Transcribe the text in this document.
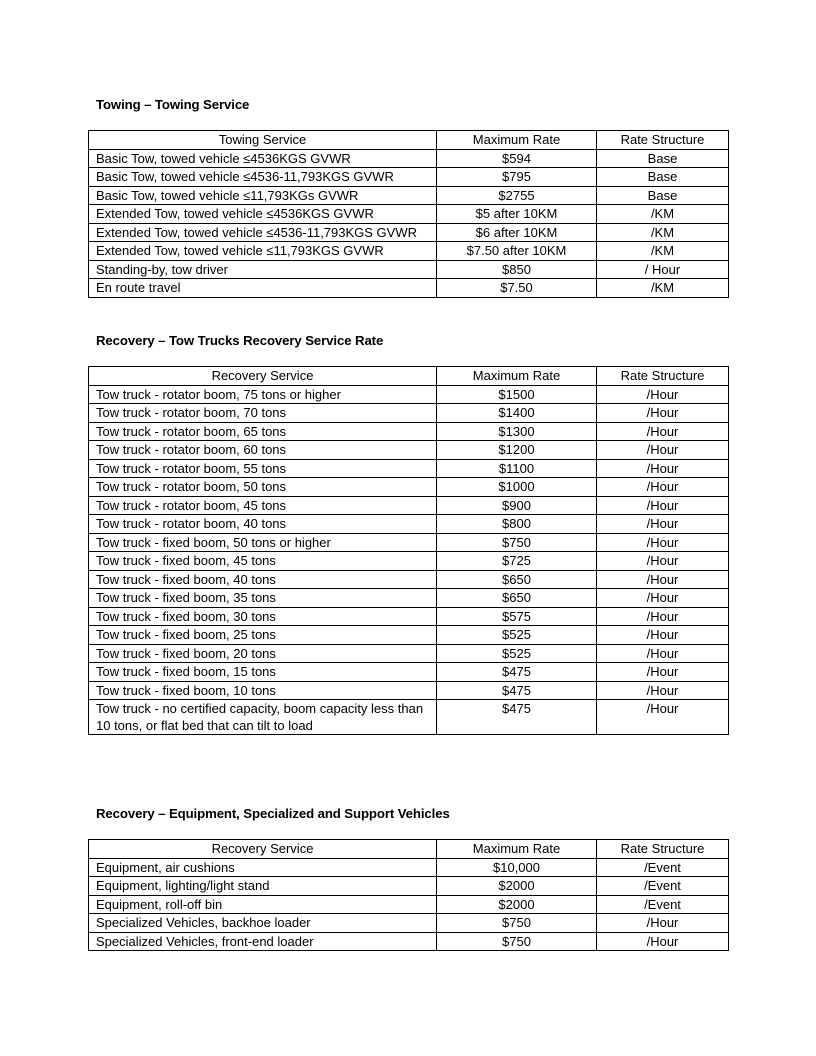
Towing – Towing Service
Towing Service	Maximum Rate	Rate Structure
Basic Tow, towed vehicle ≤4536KGS GVWR	$594	Base
Basic Tow, towed vehicle ≤4536-11,793KGS GVWR	$795	Base
Basic Tow, towed vehicle ≤11,793KGs GVWR	$2755	Base
Extended Tow, towed vehicle ≤4536KGS GVWR	$5 after 10KM	/KM
Extended Tow, towed vehicle ≤4536-11,793KGS GVWR	$6 after 10KM	/KM
Extended Tow, towed vehicle ≤11,793KGS GVWR	$7.50 after 10KM	/KM
Standing-by, tow driver	$850	/ Hour
En route travel	$7.50	/KM
Recovery – Tow Trucks Recovery Service Rate
Recovery Service	Maximum Rate	Rate Structure
Tow truck - rotator boom, 75 tons or higher	$1500	/Hour
Tow truck - rotator boom, 70 tons	$1400	/Hour
Tow truck - rotator boom, 65 tons	$1300	/Hour
Tow truck - rotator boom, 60 tons	$1200	/Hour
Tow truck - rotator boom, 55 tons	$1100	/Hour
Tow truck - rotator boom, 50 tons	$1000	/Hour
Tow truck - rotator boom, 45 tons	$900	/Hour
Tow truck - rotator boom, 40 tons	$800	/Hour
Tow truck - fixed boom, 50 tons or higher	$750	/Hour
Tow truck - fixed boom, 45 tons	$725	/Hour
Tow truck - fixed boom, 40 tons	$650	/Hour
Tow truck - fixed boom, 35 tons	$650	/Hour
Tow truck - fixed boom, 30 tons	$575	/Hour
Tow truck - fixed boom, 25 tons	$525	/Hour
Tow truck - fixed boom, 20 tons	$525	/Hour
Tow truck - fixed boom, 15 tons	$475	/Hour
Tow truck - fixed boom, 10 tons	$475	/Hour
Tow truck - no certified capacity, boom capacity less than 10 tons, or flat bed that can tilt to load	$475	/Hour
Recovery – Equipment, Specialized and Support Vehicles
Recovery Service	Maximum Rate	Rate Structure
Equipment, air cushions	$10,000	/Event
Equipment, lighting/light stand	$2000	/Event
Equipment, roll-off bin	$2000	/Event
Specialized Vehicles, backhoe loader	$750	/Hour
Specialized Vehicles, front-end loader	$750	/Hour
